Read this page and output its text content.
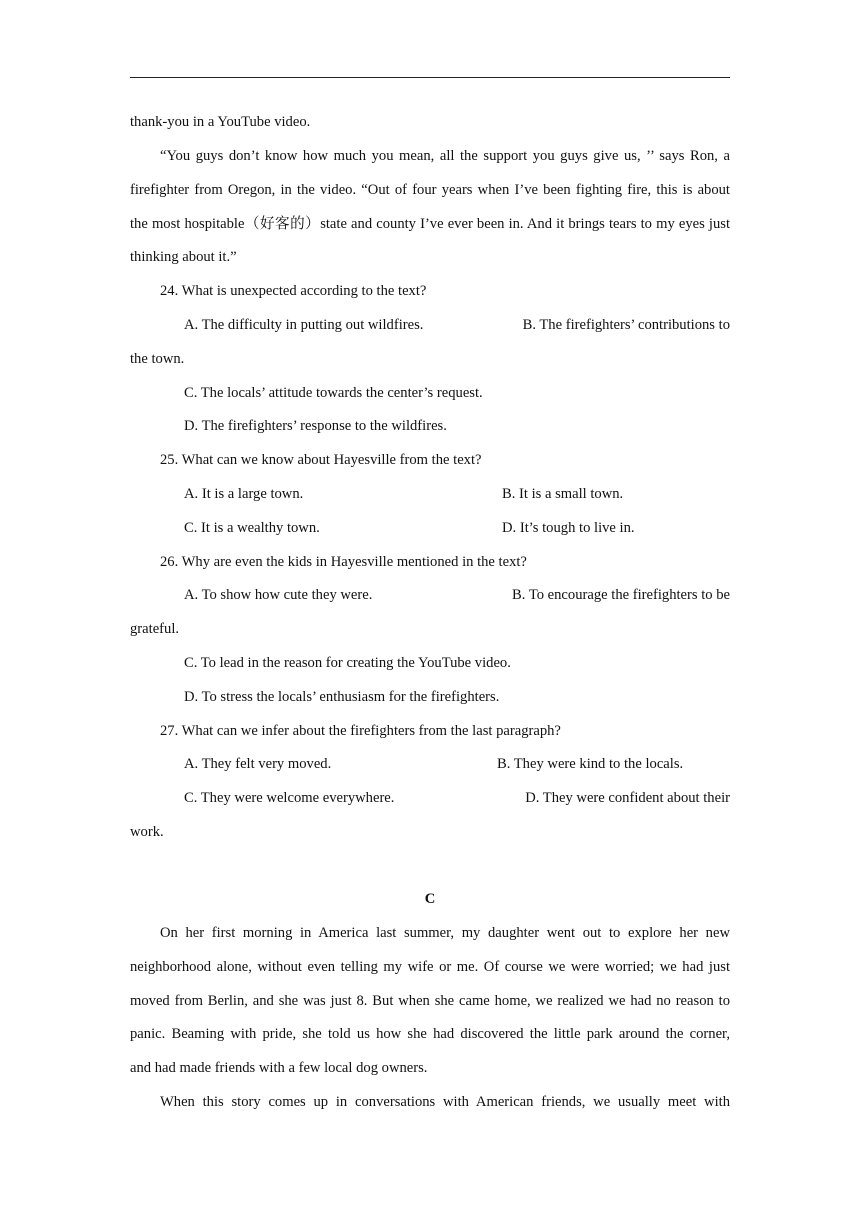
thank-you in a YouTube video.
“You guys don’t know how much you mean, all the support you guys give us, ’’ says Ron, a
firefighter from Oregon, in the video. “Out of four years when I’ve been fighting fire, this is about
the most hospitable（好客的）state and county I’ve ever been in. And it brings tears to my eyes just
thinking about it.”
24. What is unexpected according to the text?
A. The difficulty in putting out wildfires.	B. The firefighters’ contributions to
the town.
C. The locals’ attitude towards the center’s request.
D. The firefighters’ response to the wildfires.
25. What can we know about Hayesville from the text?
A. It is a large town.	B. It is a small town.
C. It is a wealthy town.	D. It’s tough to live in.
26. Why are even the kids in Hayesville mentioned in the text?
A. To show how cute they were.	B. To encourage the firefighters to be
grateful.
C. To lead in the reason for creating the YouTube video.
D. To stress the locals’ enthusiasm for the firefighters.
27. What can we infer about the firefighters from the last paragraph?
A. They felt very moved.	B. They were kind to the locals.
C. They were welcome everywhere.	D. They were confident about their
work.
C
On her first morning in America last summer, my daughter went out to explore her new
neighborhood alone, without even telling my wife or me. Of course we were worried; we had just
moved from Berlin, and she was just 8. But when she came home, we realized we had no reason to
panic. Beaming with pride, she told us how she had discovered the little park around the corner,
and had made friends with a few local dog owners.
When this story comes up in conversations with American friends, we usually meet with
